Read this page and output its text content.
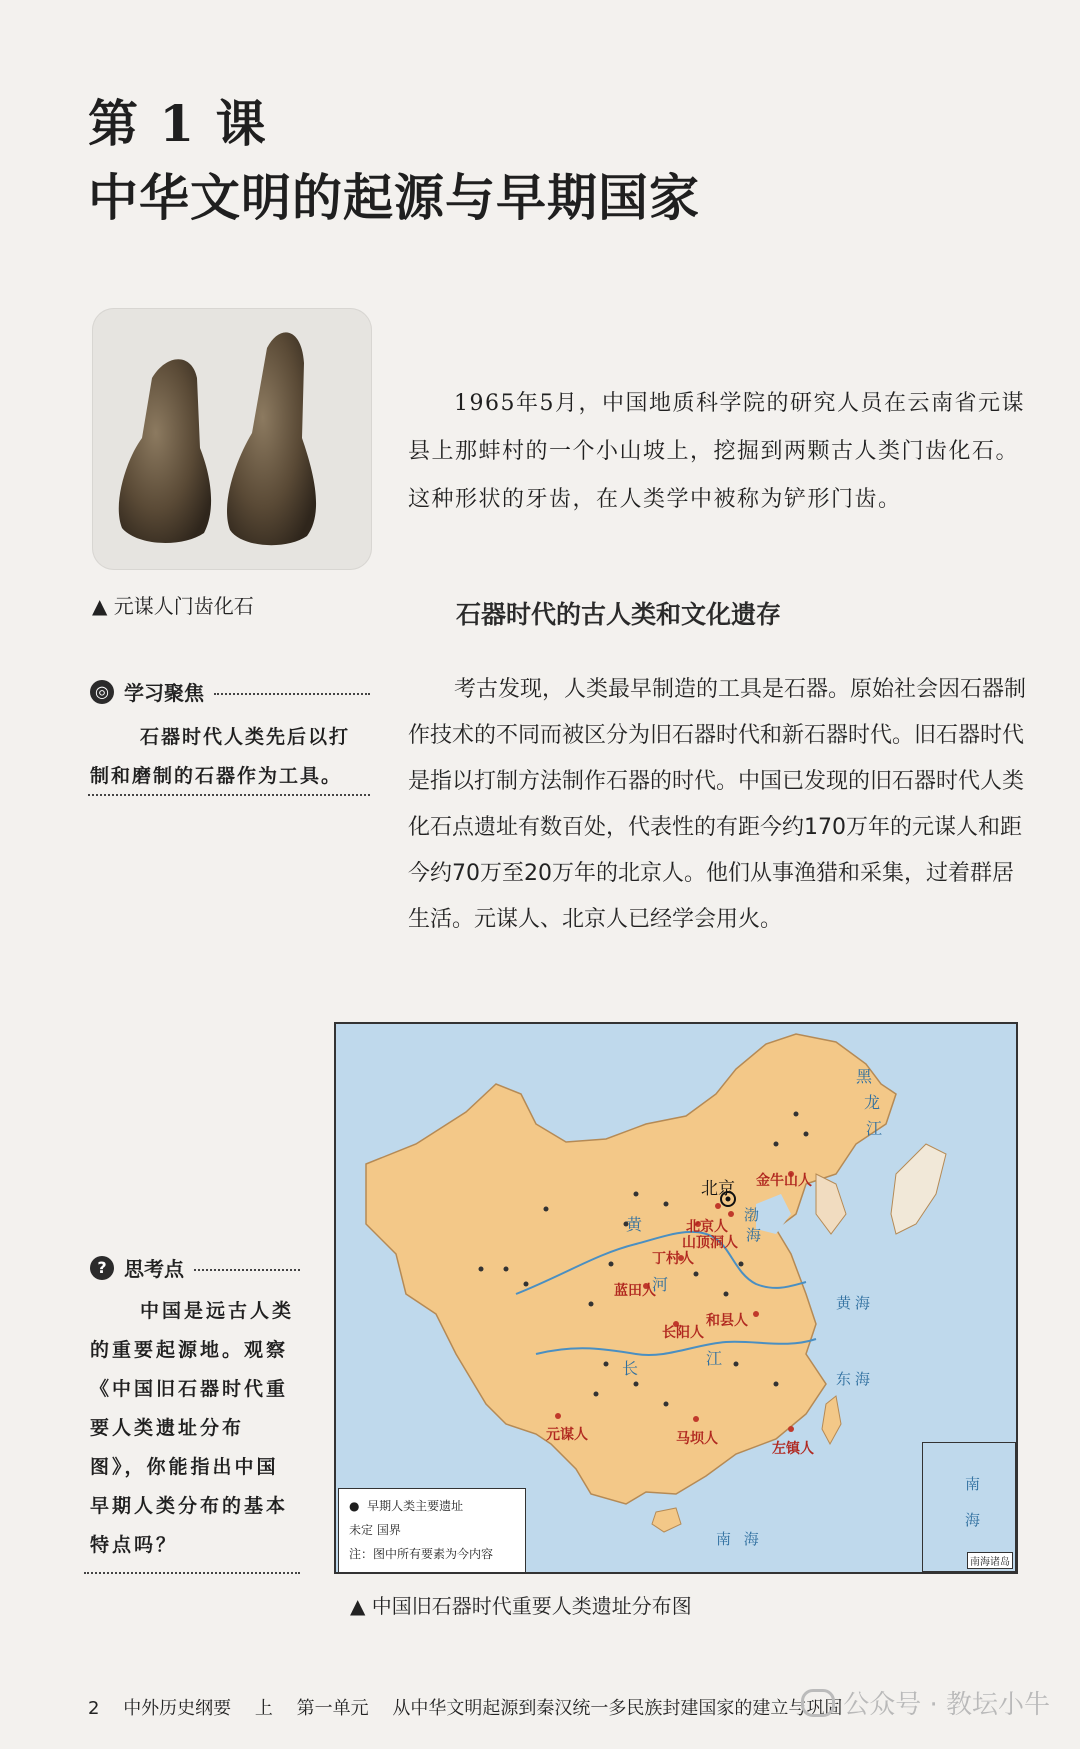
第 1 课
中华文明的起源与早期国家
▲ 元谋人门齿化石
1965年5月，中国地质科学院的研究人员在云南省元谋县上那蚌村的一个小山坡上，挖掘到两颗古人类门齿化石。这种形状的牙齿，在人类学中被称为铲形门齿。
石器时代的古人类和文化遗存
考古发现，人类最早制造的工具是石器。原始社会因石器制作技术的不同而被区分为旧石器时代和新石器时代。旧石器时代是指以打制方法制作石器的时代。中国已发现的旧石器时代人类化石点遗址有数百处，代表性的有距今约170万年的元谋人和距今约70万至20万年的北京人。他们从事渔猎和采集，过着群居生活。元谋人、北京人已经学会用火。
◎ 学习聚焦
石器时代人类先后以打制和磨制的石器作为工具。
? 思考点
中国是远古人类的重要起源地。观察《中国旧石器时代重要人类遗址分布图》，你能指出中国早期人类分布的基本特点吗？
北京
北京人
山顶洞人
金牛山人
丁村人
蓝田人
长阳人
和县人
元谋人	马坝人
左镇人
黄
河
长
江
黑
龙
江
渤
海
黄海
东海
南 海
● 早期人类主要遗址
未定 国界
注：图中所有要素为今内容
南
海
南海诸岛
▲ 中国旧石器时代重要人类遗址分布图
2 中外历史纲要 上 第一单元 从中华文明起源到秦汉统一多民族封建国家的建立与巩固 公众号 · 教坛小牛
